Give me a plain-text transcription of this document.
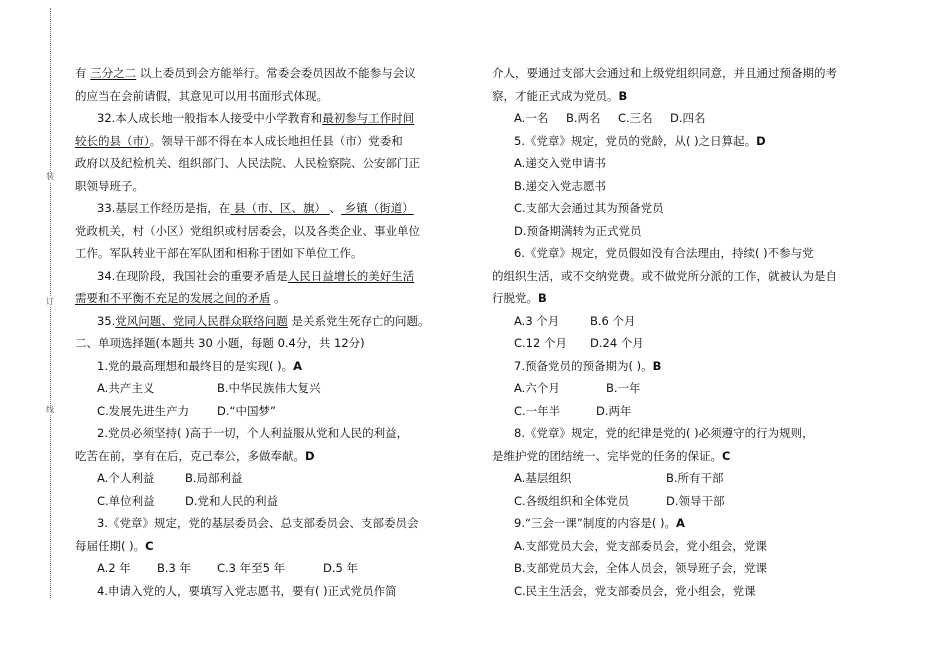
装
订
线
有 三分之二 以上委员到会方能举行。常委会委员因故不能参与会议
的应当在会前请假，其意见可以用书面形式体现。
32.本人成长地一般指本人接受中小学教育和最初参与工作时间
较长的县（市）。领导干部不得在本人成长地担任县（市）党委和
政府以及纪检机关、组织部门、人民法院、人民检察院、公安部门正
职领导班子。
33.基层工作经历是指，在 县（市、区、旗） 、 乡镇（街道）
党政机关，村（小区）党组织或村居委会，以及各类企业、事业单位
工作。军队转业干部在军队团和相称于团如下单位工作。
34.在现阶段，我国社会的重要矛盾是人民日益增长的美好生活
需要和不平衡不充足的发展之间的矛盾 。
35.党风问题、党同人民群众联络问题 是关系党生死存亡的问题。
二、单项选择题(本题共 30 小题，每题 0.4分，共 12分)
1.党的最高理想和最终目的是实现( )。A
A.共产主义	B.中华民族伟大复兴
C.发展先进生产力 D.“中国梦”
2.党员必须坚持( )高于一切，个人利益服从党和人民的利益，
吃苦在前，享有在后，克己奉公，多做奉献。D
A.个人利益	B.局部利益
C.单位利益	D.党和人民的利益
3.《党章》规定，党的基层委员会、总支部委员会、支部委员会
每届任期( )。C
A.2 年 B.3 年 C.3 年至5 年	D.5 年
4.申请入党的人，要填写入党志愿书，要有( )正式党员作简
介人，要通过支部大会通过和上级党组织同意，并且通过预备期的考
察，才能正式成为党员。B
A.一名 B.两名 C.三名 D.四名
5.《党章》规定，党员的党龄，从( )之日算起。D
A.递交入党申请书
B.递交入党志愿书
C.支部大会通过其为预备党员
D.预备期满转为正式党员
6.《党章》规定，党员假如没有合法理由，持续( )不参与党
的组织生活，或不交纳党费。或不做党所分派的工作，就被认为是自
行脱党。B
A.3 个月	B.6 个月
C.12 个月 D.24 个月
7.预备党员的预备期为( )。B
A.六个月	B.一年
C.一年半	D.两年
8.《党章》规定，党的纪律是党的( )必须遵守的行为规则，
是维护党的团结统一、完毕党的任务的保证。C
A.基层组织	B.所有干部
C.各级组织和全体党员	D.领导干部
9.“三会一课”制度的内容是( )。A
A.支部党员大会，党支部委员会，党小组会，党课
B.支部党员大会，全体人员会，领导班子会，党课
C.民主生活会，党支部委员会，党小组会，党课
